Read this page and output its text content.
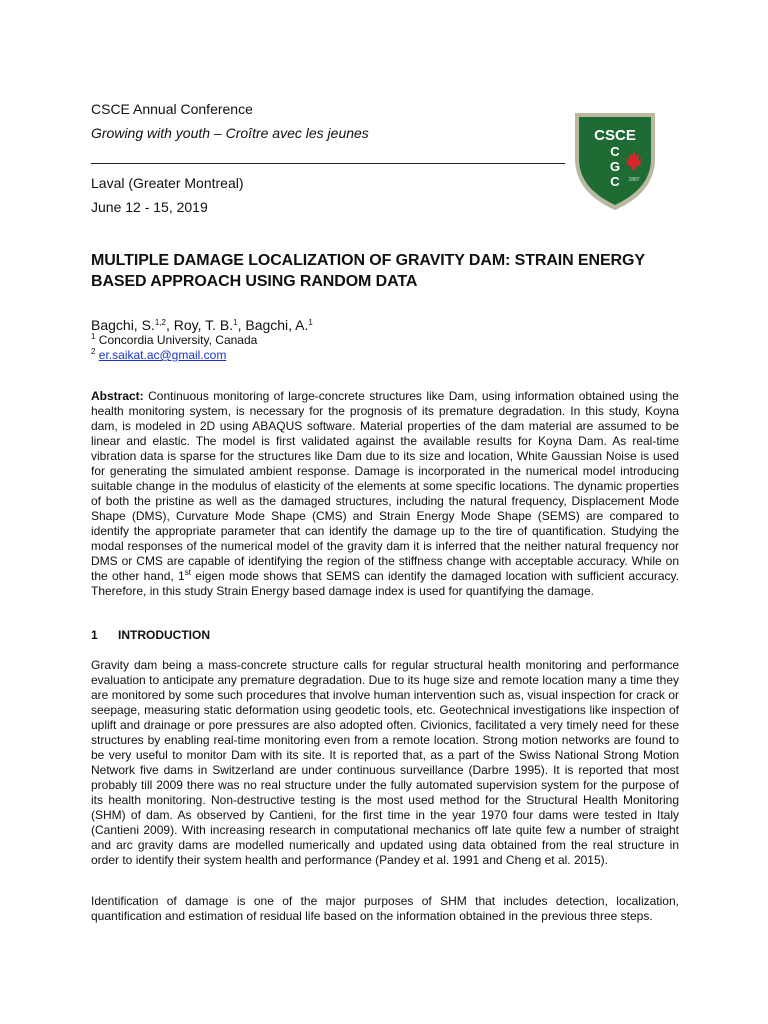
CSCE Annual Conference
Growing with youth – Croître avec les jeunes
Laval (Greater Montreal)
June 12 - 15, 2019
CSCE
C
G
C 1887
MULTIPLE DAMAGE LOCALIZATION OF GRAVITY DAM: STRAIN ENERGY BASED APPROACH USING RANDOM DATA
Bagchi, S.$^{1,2}$, Roy, T. B.$^1$, Bagchi, A.$^1$
$^1$ Concordia University, Canada
$^2$ er.saikat.ac@gmail.com

Abstract: Continuous monitoring of large-concrete structures like Dam, using information obtained using the health monitoring system, is necessary for the prognosis of its premature degradation. In this study, Koyna dam, is modeled in 2D using ABAQUS software. Material properties of the dam material are assumed to be linear and elastic. The model is first validated against the available results for Koyna Dam. As real-time vibration data is sparse for the structures like Dam due to its size and location, White Gaussian Noise is used for generating the simulated ambient response. Damage is incorporated in the numerical model introducing suitable change in the modulus of elasticity of the elements at some specific locations. The dynamic properties of both the pristine as well as the damaged structures, including the natural frequency, Displacement Mode Shape (DMS), Curvature Mode Shape (CMS) and Strain Energy Mode Shape (SEMS) are compared to identify the appropriate parameter that can identify the damage up to the tire of quantification. Studying the modal responses of the numerical model of the gravity dam it is inferred that the neither natural frequency nor DMS or CMS are capable of identifying the region of the stiffness change with acceptable accuracy. While on the other hand, 1st eigen mode shows that SEMS can identify the damaged location with sufficient accuracy. Therefore, in this study Strain Energy based damage index is used for quantifying the damage.

1 INTRODUCTION

Gravity dam being a mass-concrete structure calls for regular structural health monitoring and performance evaluation to anticipate any premature degradation. Due to its huge size and remote location many a time they are monitored by some such procedures that involve human intervention such as, visual inspection for crack or seepage, measuring static deformation using geodetic tools, etc. Geotechnical investigations like inspection of uplift and drainage or pore pressures are also adopted often. Civionics, facilitated a very timely need for these structures by enabling real-time monitoring even from a remote location. Strong motion networks are found to be very useful to monitor Dam with its site. It is reported that, as a part of the Swiss National Strong Motion Network five dams in Switzerland are under continuous surveillance (Darbre 1995). It is reported that most probably till 2009 there was no real structure under the fully automated supervision system for the purpose of its health monitoring. Non-destructive testing is the most used method for the Structural Health Monitoring (SHM) of dam. As observed by Cantieni, for the first time in the year 1970 four dams were tested in Italy (Cantieni 2009). With increasing research in computational mechanics off late quite few a number of straight and arc gravity dams are modelled numerically and updated using data obtained from the real structure in order to identify their system health and performance (Pandey et al. 1991 and Cheng et al. 2015).

Identification of damage is one of the major purposes of SHM that includes detection, localization, quantification and estimation of residual life based on the information obtained in the previous three steps.
